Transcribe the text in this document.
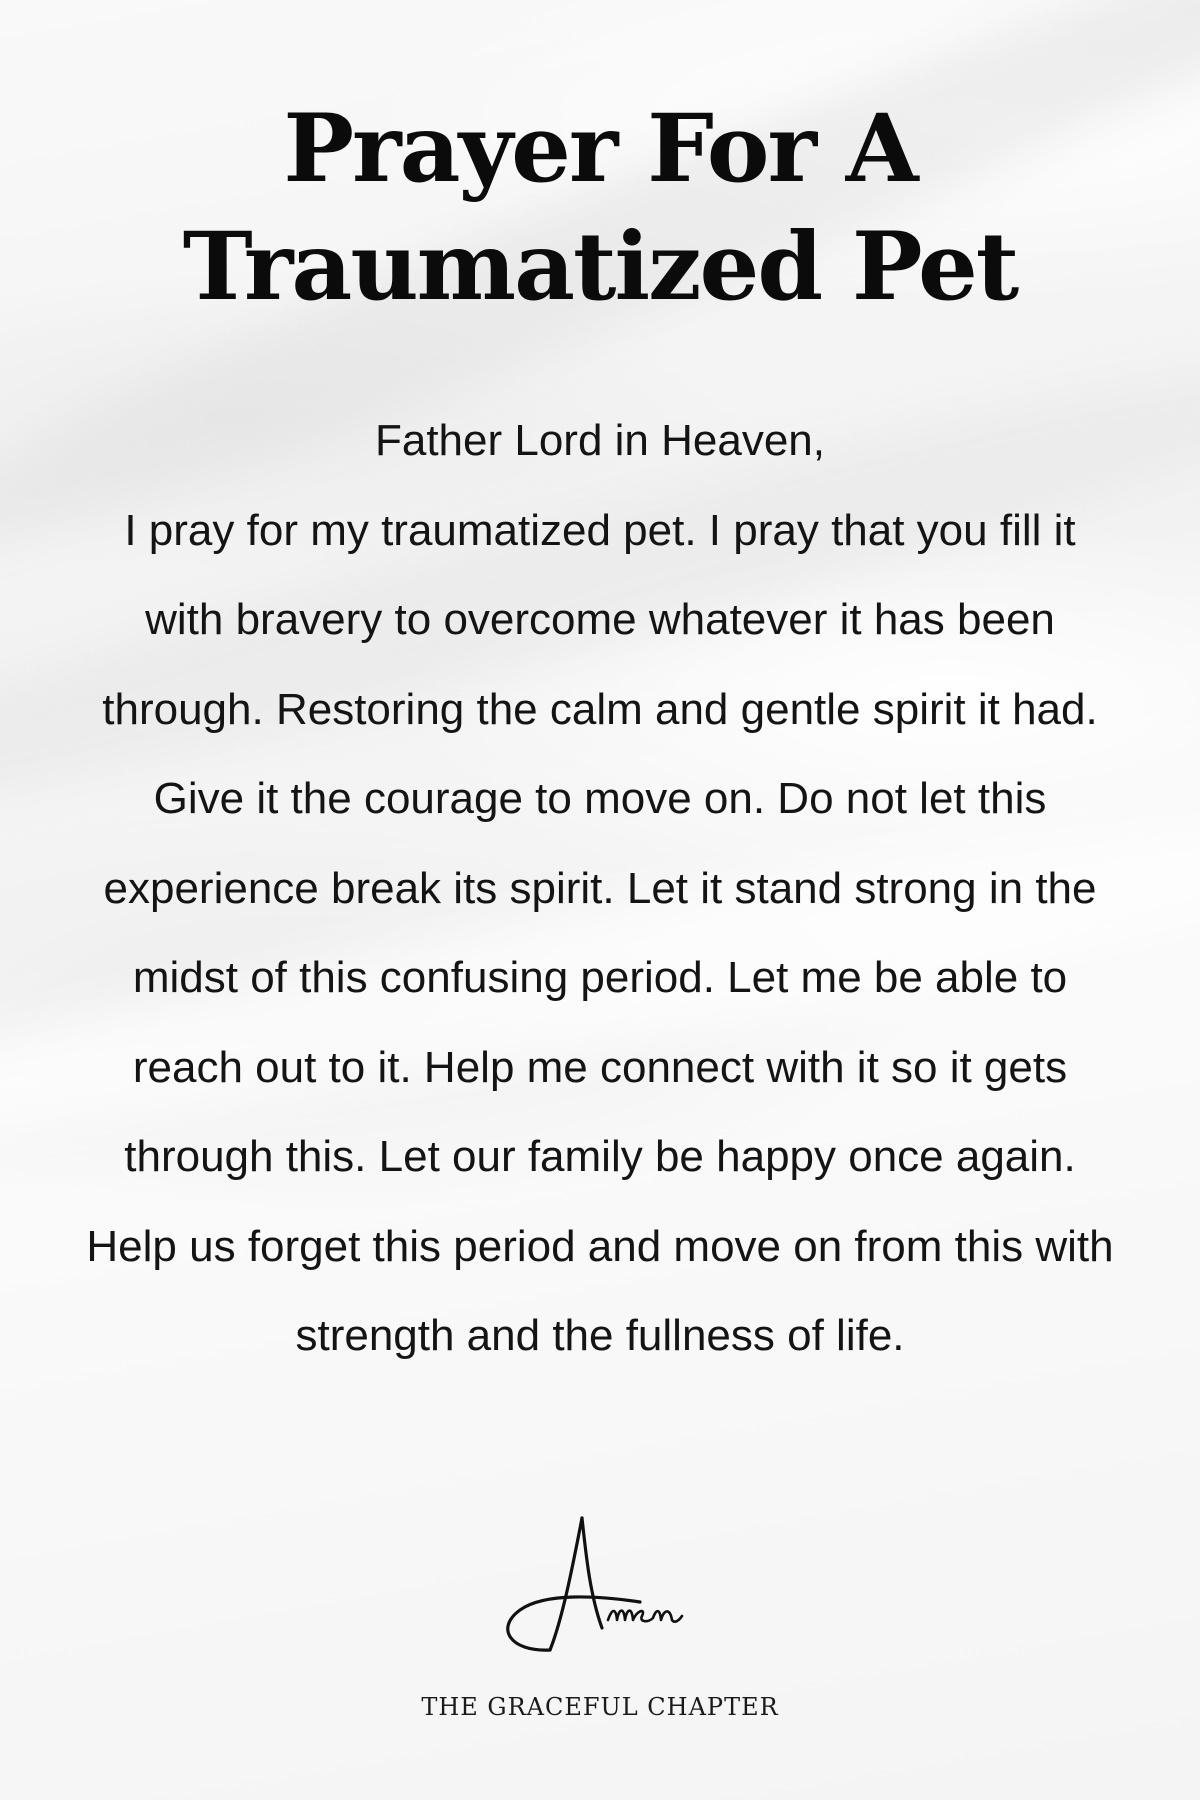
Prayer For A
Traumatized Pet

Father Lord in Heaven,

I pray for my traumatized pet. I pray that you fill it with bravery to overcome whatever it has been through. Restoring the calm and gentle spirit it had. Give it the courage to move on. Do not let this experience break its spirit. Let it stand strong in the midst of this confusing period. Let me be able to reach out to it. Help me connect with it so it gets through this. Let our family be happy once again. Help us forget this period and move on from this with strength and the fullness of life.

THE GRACEFUL CHAPTER
